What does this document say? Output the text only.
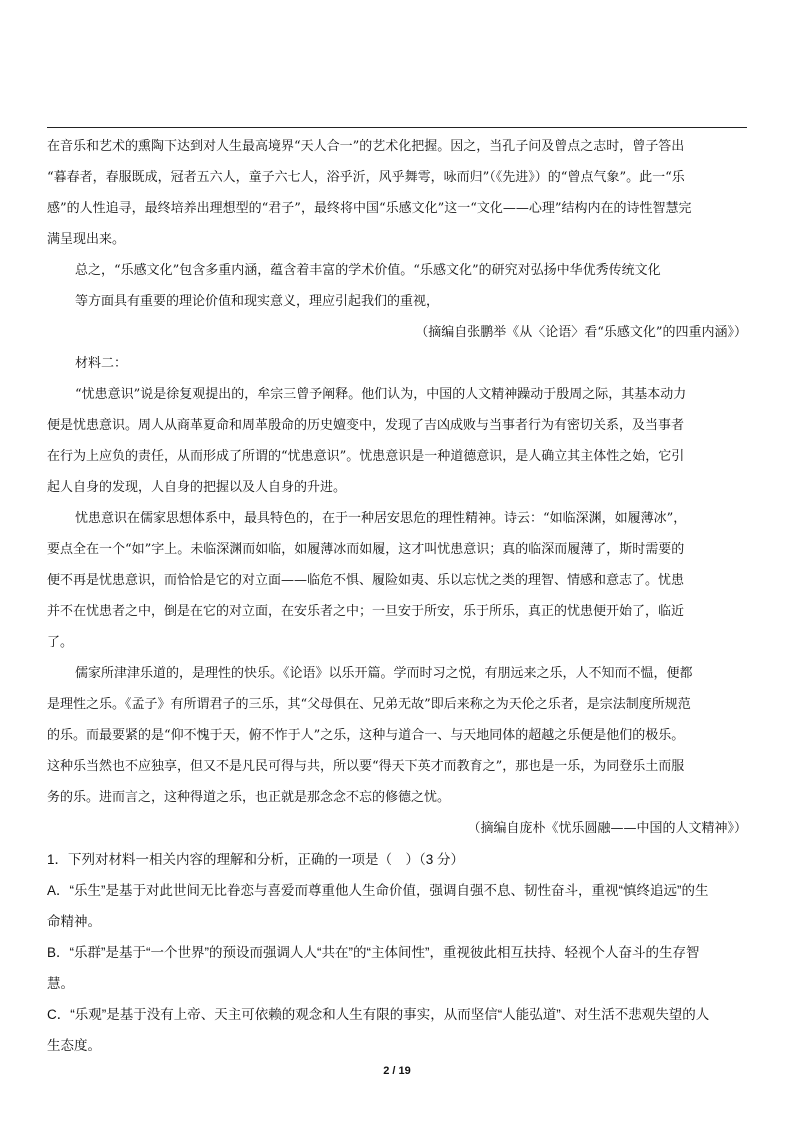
在音乐和艺术的熏陶下达到对人生最高境界“天人合一”的艺术化把握。因之，当孔子问及曾点之志时，曾子答出
“暮春者，春服既成，冠者五六人，童子六七人，浴乎沂，风乎舞雩，咏而归”（《先进》）的“曾点气象”。此一“乐
感”的人性追寻，最终培养出理想型的“君子”，最终将中国“乐感文化”这一“文化——心理”结构内在的诗性智慧完
满呈现出来。
总之，“乐感文化”包含多重内涵，蕴含着丰富的学术价值。“乐感文化”的研究对弘扬中华优秀传统文化
等方面具有重要的理论价值和现实意义，理应引起我们的重视，
（摘编自张鹏举《从〈论语〉看“乐感文化”的四重内涵》）
材料二：
“忧患意识”说是徐复观提出的，牟宗三曾予阐释。他们认为，中国的人文精神躁动于殷周之际，其基本动力
便是忧患意识。周人从商革夏命和周革殷命的历史嬗变中，发现了吉凶成败与当事者行为有密切关系，及当事者
在行为上应负的责任，从而形成了所谓的“忧患意识”。忧患意识是一种道德意识，是人确立其主体性之始，它引
起人自身的发现，人自身的把握以及人自身的升进。
忧患意识在儒家思想体系中，最具特色的，在于一种居安思危的理性精神。诗云：“如临深渊，如履薄冰”，
要点全在一个“如”字上。未临深渊而如临，如履薄冰而如履，这才叫忧患意识；真的临深而履薄了，斯时需要的
便不再是忧患意识，而恰恰是它的对立面——临危不惧、履险如夷、乐以忘忧之类的理智、情感和意志了。忧患
并不在忧患者之中，倒是在它的对立面，在安乐者之中；一旦安于所安，乐于所乐，真正的忧患便开始了，临近
了。
儒家所津津乐道的，是理性的快乐。《论语》以乐开篇。学而时习之悦，有朋远来之乐，人不知而不愠，便都
是理性之乐。《孟子》有所谓君子的三乐，其“父母俱在、兄弟无故”即后来称之为天伦之乐者，是宗法制度所规范
的乐。而最要紧的是“仰不愧于天，俯不怍于人”之乐，这种与道合一、与天地同体的超越之乐便是他们的极乐。
这种乐当然也不应独享，但又不是凡民可得与共，所以要“得天下英才而教育之”，那也是一乐，为同登乐土而服
务的乐。进而言之，这种得道之乐，也正就是那念念不忘的修德之忧。
（摘编自庞朴《忧乐圆融——中国的人文精神》）
1．下列对材料一相关内容的理解和分析，正确的一项是（　）（3 分）
A．“乐生”是基于对此世间无比眷恋与喜爱而尊重他人生命价值，强调自强不息、韧性奋斗，重视“慎终追远”的生
命精神。
B．“乐群”是基于“一个世界”的预设而强调人人“共在”的“主体间性”，重视彼此相互扶持、轻视个人奋斗的生存智
慧。
C．“乐观”是基于没有上帝、天主可依赖的观念和人生有限的事实，从而坚信“人能弘道”、对生活不悲观失望的人
生态度。
2 / 19
